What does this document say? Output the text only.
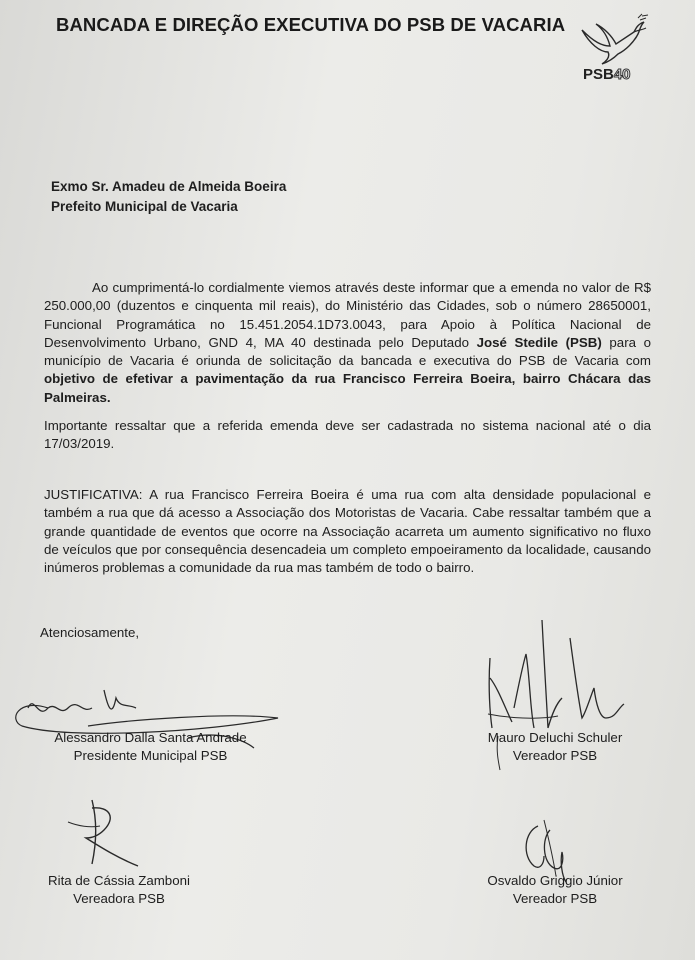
BANCADA E DIREÇÃO EXECUTIVA DO PSB DE VACARIA
PSB40
Exmo Sr. Amadeu de Almeida Boeira
Prefeito Municipal de Vacaria
Ao cumprimentá-lo cordialmente viemos através deste informar que a emenda no valor de R$ 250.000,00 (duzentos e cinquenta mil reais), do Ministério das Cidades, sob o número 28650001, Funcional Programática no 15.451.2054.1D73.0043, para Apoio à Política Nacional de Desenvolvimento Urbano, GND 4, MA 40 destinada pelo Deputado José Stedile (PSB) para o município de Vacaria é oriunda de solicitação da bancada e executiva do PSB de Vacaria com objetivo de efetivar a pavimentação da rua Francisco Ferreira Boeira, bairro Chácara das Palmeiras.
Importante ressaltar que a referida emenda deve ser cadastrada no sistema nacional até o dia 17/03/2019.
JUSTIFICATIVA: A rua Francisco Ferreira Boeira é uma rua com alta densidade populacional e também a rua que dá acesso a Associação dos Motoristas de Vacaria. Cabe ressaltar também que a grande quantidade de eventos que ocorre na Associação acarreta um aumento significativo no fluxo de veículos que por consequência desencadeia um completo empoeiramento da localidade, causando inúmeros problemas a comunidade da rua mas também de todo o bairro.
Atenciosamente,
Alessandro Dalla Santa Andrade
Presidente Municipal PSB
Mauro Deluchi Schuler
Vereador PSB
Rita de Cássia Zamboni
Vereadora PSB
Osvaldo Griggio Júnior
Vereador PSB
